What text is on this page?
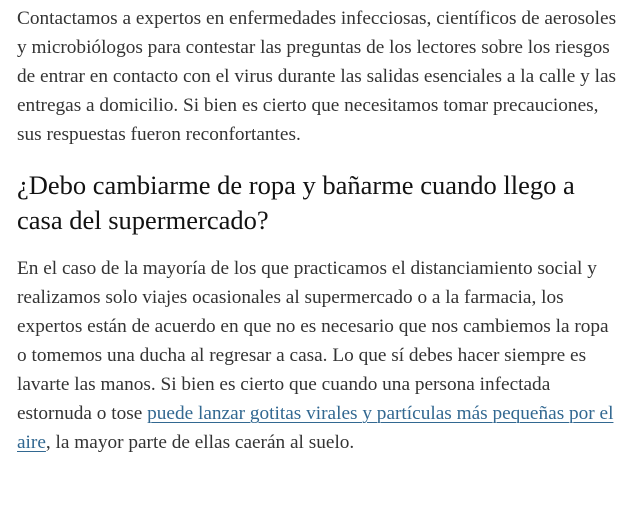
Contactamos a expertos en enfermedades infecciosas, científicos de aerosoles y microbiólogos para contestar las preguntas de los lectores sobre los riesgos de entrar en contacto con el virus durante las salidas esenciales a la calle y las entregas a domicilio. Si bien es cierto que necesitamos tomar precauciones, sus respuestas fueron reconfortantes.

¿Debo cambiarme de ropa y bañarme cuando llego a casa del supermercado?

En el caso de la mayoría de los que practicamos el distanciamiento social y realizamos solo viajes ocasionales al supermercado o a la farmacia, los expertos están de acuerdo en que no es necesario que nos cambiemos la ropa o tomemos una ducha al regresar a casa. Lo que sí debes hacer siempre es lavarte las manos. Si bien es cierto que cuando una persona infectada estornuda o tose puede lanzar gotitas virales y partículas más pequeñas por el aire, la mayor parte de ellas caerán al suelo.
